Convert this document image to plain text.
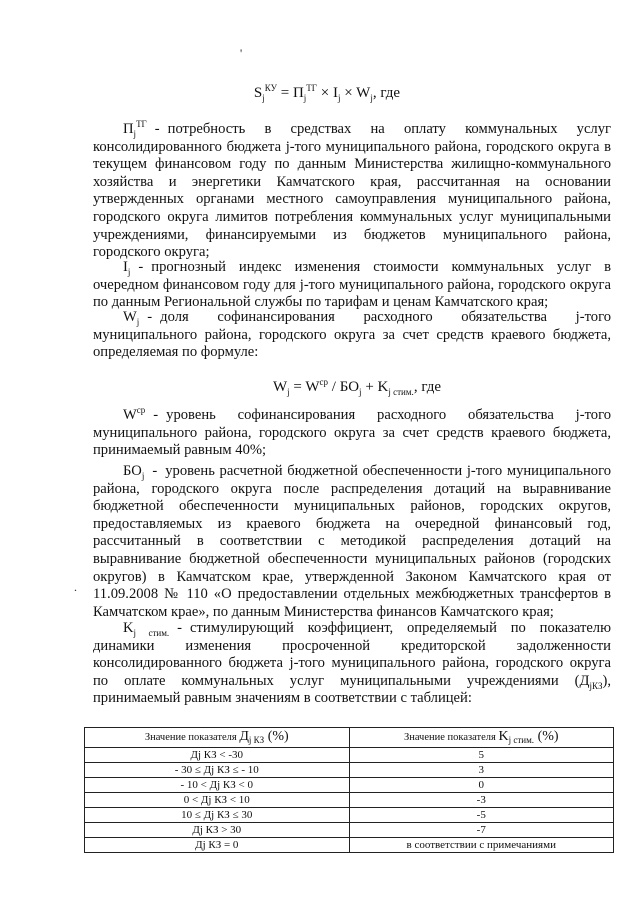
'
.
$S_j^{КУ} = П_j^{ТГ} \times I_j \times W_j$, где

$П_j^{ТГ}$ - потребность в средствах на оплату коммунальных услуг консолидированного бюджета j-того муниципального района, городского округа в текущем финансовом году по данным Министерства жилищно-коммунального хозяйства и энергетики Камчатского края, рассчитанная на основании утвержденных органами местного самоуправления муниципального района, городского округа лимитов потребления коммунальных услуг муниципальными учреждениями, финансируемыми из бюджетов муниципального района, городского округа;

$I_j$ - прогнозный индекс изменения стоимости коммунальных услуг в очередном финансовом году для j-того муниципального района, городского округа по данным Региональной службы по тарифам и ценам Камчатского края;

$W_j$ - доля софинансирования расходного обязательства j-того муниципального района, городского округа за счет средств краевого бюджета, определяемая по формуле:

$W_j = W^{ср} / БО_j + K_{j стим.}$, где

$W^{ср}$ - уровень софинансирования расходного обязательства j-того муниципального района, городского округа за счет средств краевого бюджета, принимаемый равным 40%;

$БО_j$ - уровень расчетной бюджетной обеспеченности j-того муниципального района, городского округа после распределения дотаций на выравнивание бюджетной обеспеченности муниципальных районов, городских округов, предоставляемых из краевого бюджета на очередной финансовый год, рассчитанный в соответствии с методикой распределения дотаций на выравнивание бюджетной обеспеченности муниципальных районов (городских округов) в Камчатском крае, утвержденной Законом Камчатского края от 11.09.2008 № 110 «О предоставлении отдельных межбюджетных трансфертов в Камчатском крае», по данным Министерства финансов Камчатского края;

$K_{j стим.}$ - стимулирующий коэффициент, определяемый по показателю динамики изменения просроченной кредиторской задолженности консолидированного бюджета j-того муниципального района, городского округа по оплате коммунальных услуг муниципальными учреждениями $(Д_{jКЗ})$, принимаемый равным значениям в соответствии с таблицей:

Значение показателя $Д_{j КЗ}$ (%)	Значение показателя $K_{j стим.}$ (%)
Дj КЗ < -30	5
- 30 ≤ Дj КЗ ≤ - 10	3
- 10 < Дj КЗ < 0	0
0 < Дj КЗ < 10	-3
10 ≤ Дj КЗ ≤ 30	-5
Дj КЗ > 30	-7
Дj КЗ = 0	в соответствии с примечаниями
